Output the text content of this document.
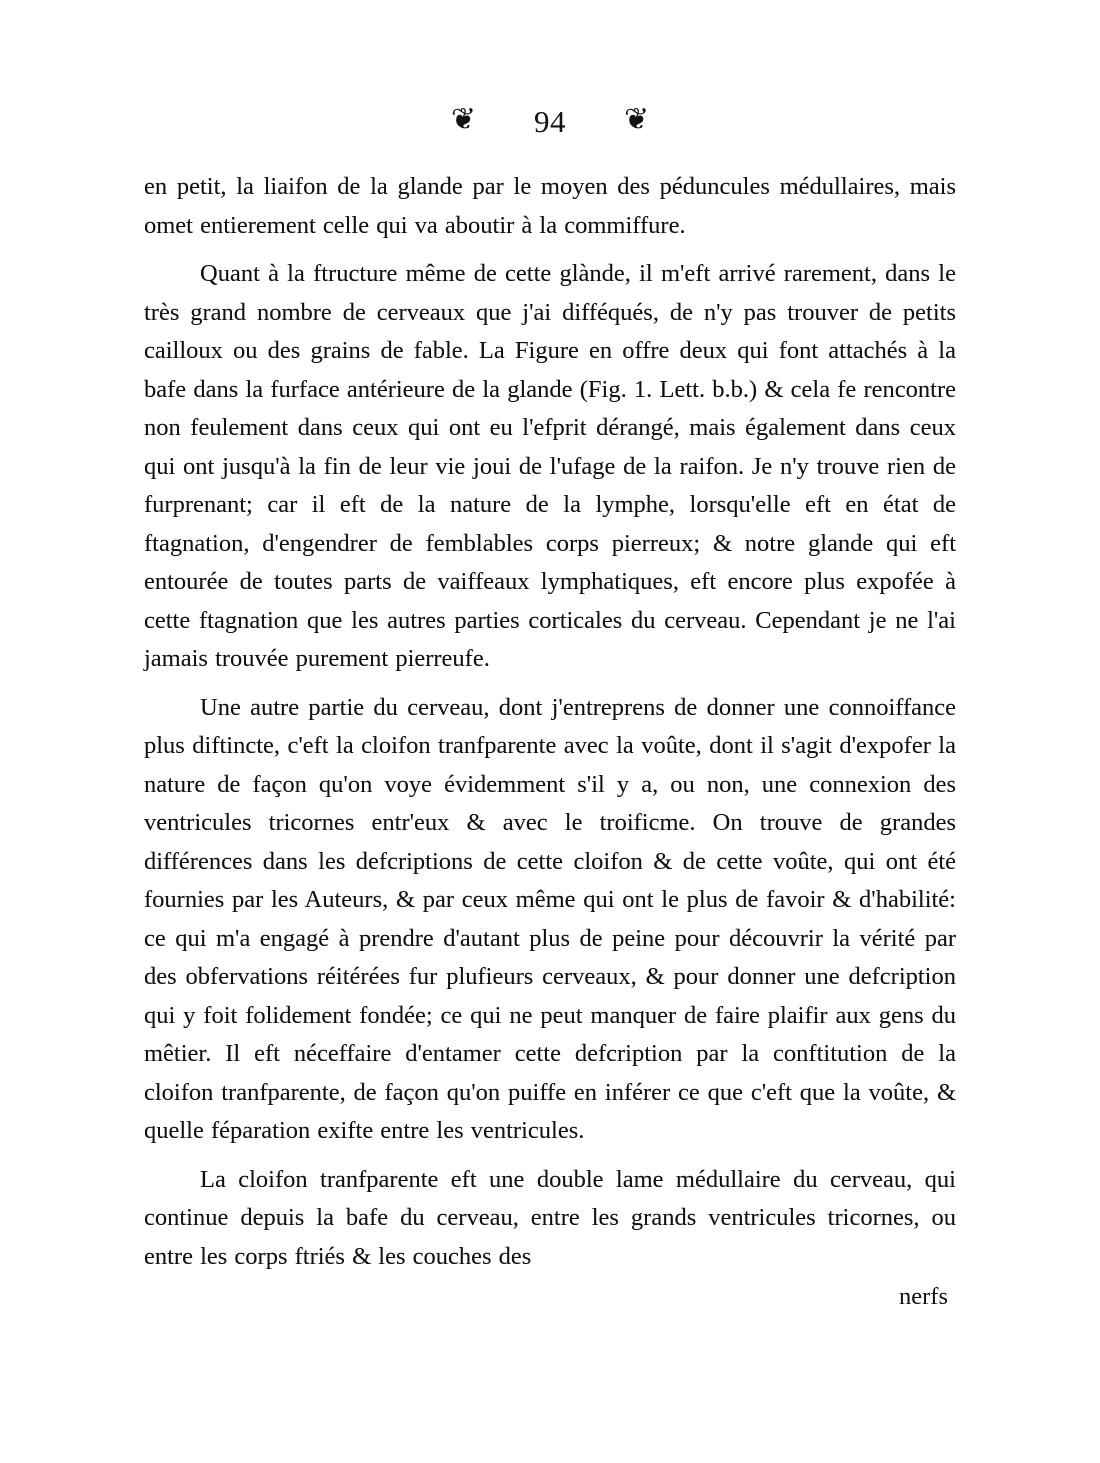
❦ 94 ❦

en petit, la liaifon de la glande par le moyen des péduncules médullaires, mais omet entierement celle qui va aboutir à la commiffure.

Quant à la ftructure même de cette glànde, il m'eft arrivé rarement, dans le très grand nombre de cerveaux que j'ai difféqués, de n'y pas trouver de petits cailloux ou des grains de fable. La Figure en offre deux qui font attachés à la bafe dans la furface antérieure de la glande (Fig. 1. Lett. b.b.) & cela fe rencontre non feulement dans ceux qui ont eu l'efprit dérangé, mais également dans ceux qui ont jusqu'à la fin de leur vie joui de l'ufage de la raifon. Je n'y trouve rien de furprenant; car il eft de la nature de la lymphe, lorsqu'elle eft en état de ftagnation, d'engendrer de femblables corps pierreux; & notre glande qui eft entourée de toutes parts de vaiffeaux lymphatiques, eft encore plus expofée à cette ftagnation que les autres parties corticales du cerveau. Cependant je ne l'ai jamais trouvée purement pierreufe.

Une autre partie du cerveau, dont j'entreprens de donner une connoiffance plus diftincte, c'eft la cloifon tranfparente avec la voûte, dont il s'agit d'expofer la nature de façon qu'on voye évidemment s'il y a, ou non, une connexion des ventricules tricornes entr'eux & avec le troificme. On trouve de grandes différences dans les defcriptions de cette cloifon & de cette voûte, qui ont été fournies par les Auteurs, & par ceux même qui ont le plus de favoir & d'habilité: ce qui m'a engagé à prendre d'autant plus de peine pour découvrir la vérité par des obfervations réitérées fur plufieurs cerveaux, & pour donner une defcription qui y foit folidement fondée; ce qui ne peut manquer de faire plaifir aux gens du mêtier. Il eft néceffaire d'entamer cette defcription par la conftitution de la cloifon tranfparente, de façon qu'on puiffe en inférer ce que c'eft que la voûte, & quelle féparation exifte entre les ventricules.

La cloifon tranfparente eft une double lame médullaire du cerveau, qui continue depuis la bafe du cerveau, entre les grands ventricules tricornes, ou entre les corps ftriés & les couches des

nerfs
